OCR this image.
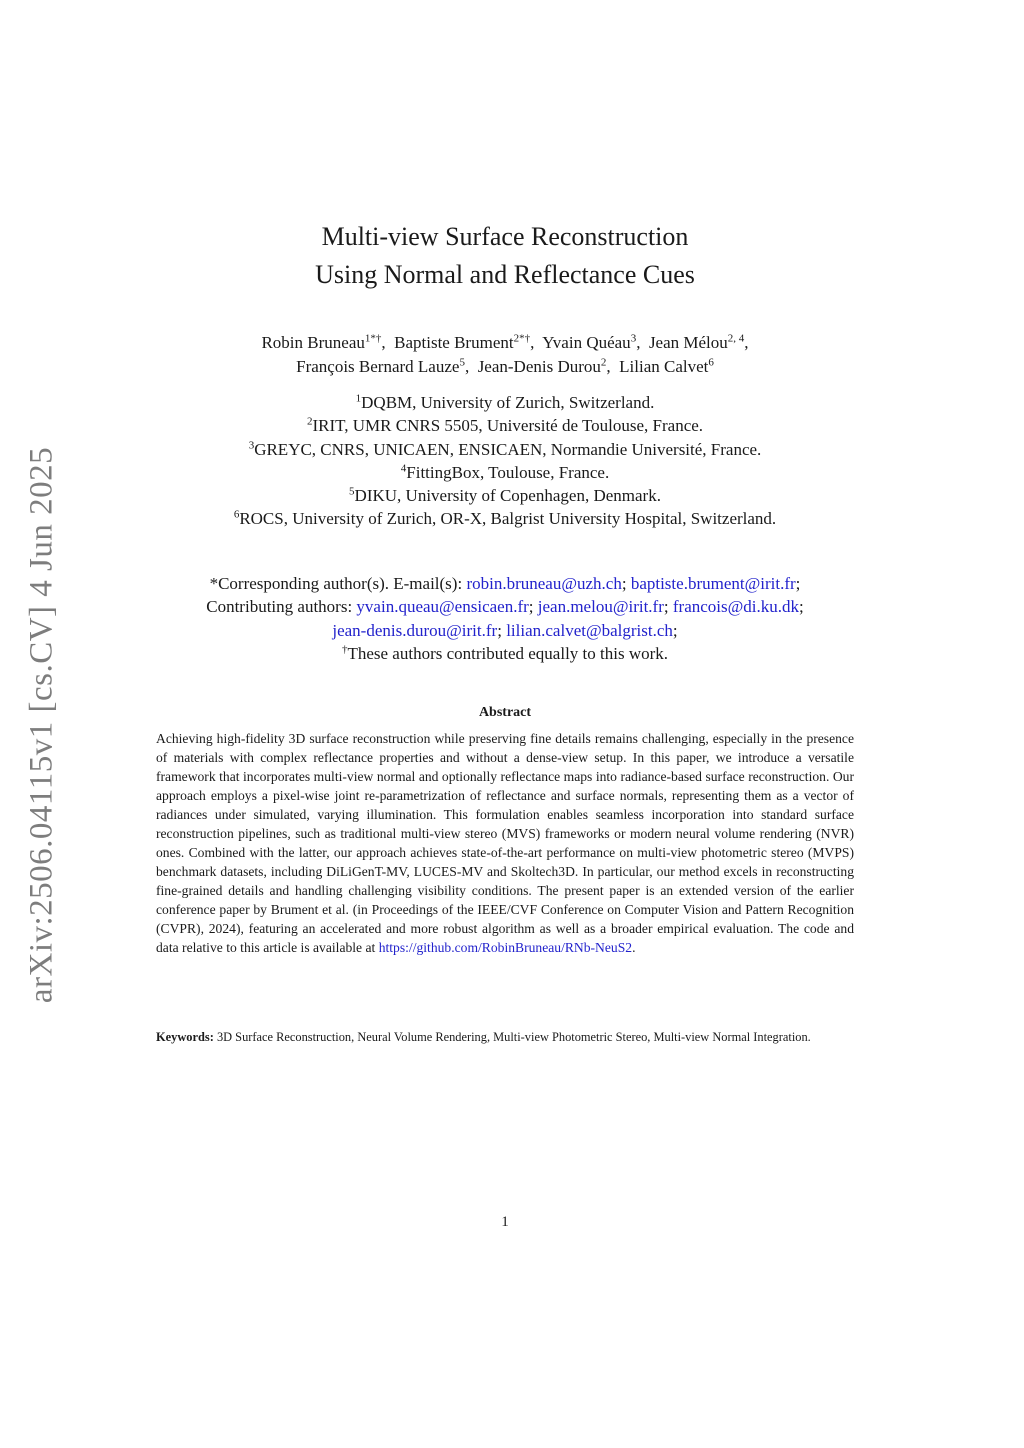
arXiv:2506.04115v1 [cs.CV] 4 Jun 2025
Multi-view Surface Reconstruction
Using Normal and Reflectance Cues
Robin Bruneau$^{1*\dagger}$,  Baptiste Brument$^{2*\dagger}$,  Yvain Quéau$^3$,  Jean Mélou$^{2, 4}$,
François Bernard Lauze$^5$,  Jean-Denis Durou$^2$,  Lilian Calvet$^6$
$^1$DQBM, University of Zurich, Switzerland.
$^2$IRIT, UMR CNRS 5505, Université de Toulouse, France.
$^3$GREYC, CNRS, UNICAEN, ENSICAEN, Normandie Université, France.
$^4$FittingBox, Toulouse, France.
$^5$DIKU, University of Copenhagen, Denmark.
$^6$ROCS, University of Zurich, OR-X, Balgrist University Hospital, Switzerland.
*Corresponding author(s). E-mail(s): robin.bruneau@uzh.ch; baptiste.brument@irit.fr;
Contributing authors: yvain.queau@ensicaen.fr; jean.melou@irit.fr; francois@di.ku.dk;
jean-denis.durou@irit.fr; lilian.calvet@balgrist.ch;
†These authors contributed equally to this work.
Abstract
Achieving high-fidelity 3D surface reconstruction while preserving fine details remains challenging, especially in the presence of materials with complex reflectance properties and without a dense-view setup. In this paper, we introduce a versatile framework that incorporates multi-view normal and optionally reflectance maps into radiance-based surface reconstruction. Our approach employs a pixel-wise joint re-parametrization of reflectance and surface normals, representing them as a vector of radiances under simulated, varying illumination. This formulation enables seamless incorporation into standard surface reconstruction pipelines, such as traditional multi-view stereo (MVS) frameworks or modern neural volume rendering (NVR) ones. Combined with the latter, our approach achieves state-of-the-art performance on multi-view photometric stereo (MVPS) benchmark datasets, including DiLiGenT-MV, LUCES-MV and Skoltech3D. In particular, our method excels in reconstructing fine-grained details and handling challenging visibility conditions. The present paper is an extended version of the earlier conference paper by Brument et al. (in Proceedings of the IEEE/CVF Conference on Computer Vision and Pattern Recognition (CVPR), 2024), featuring an accelerated and more robust algorithm as well as a broader empirical evaluation. The code and data relative to this article is available at https://github.com/RobinBruneau/RNb-NeuS2.
Keywords: 3D Surface Reconstruction, Neural Volume Rendering, Multi-view Photometric Stereo, Multi-view Normal Integration.
1
